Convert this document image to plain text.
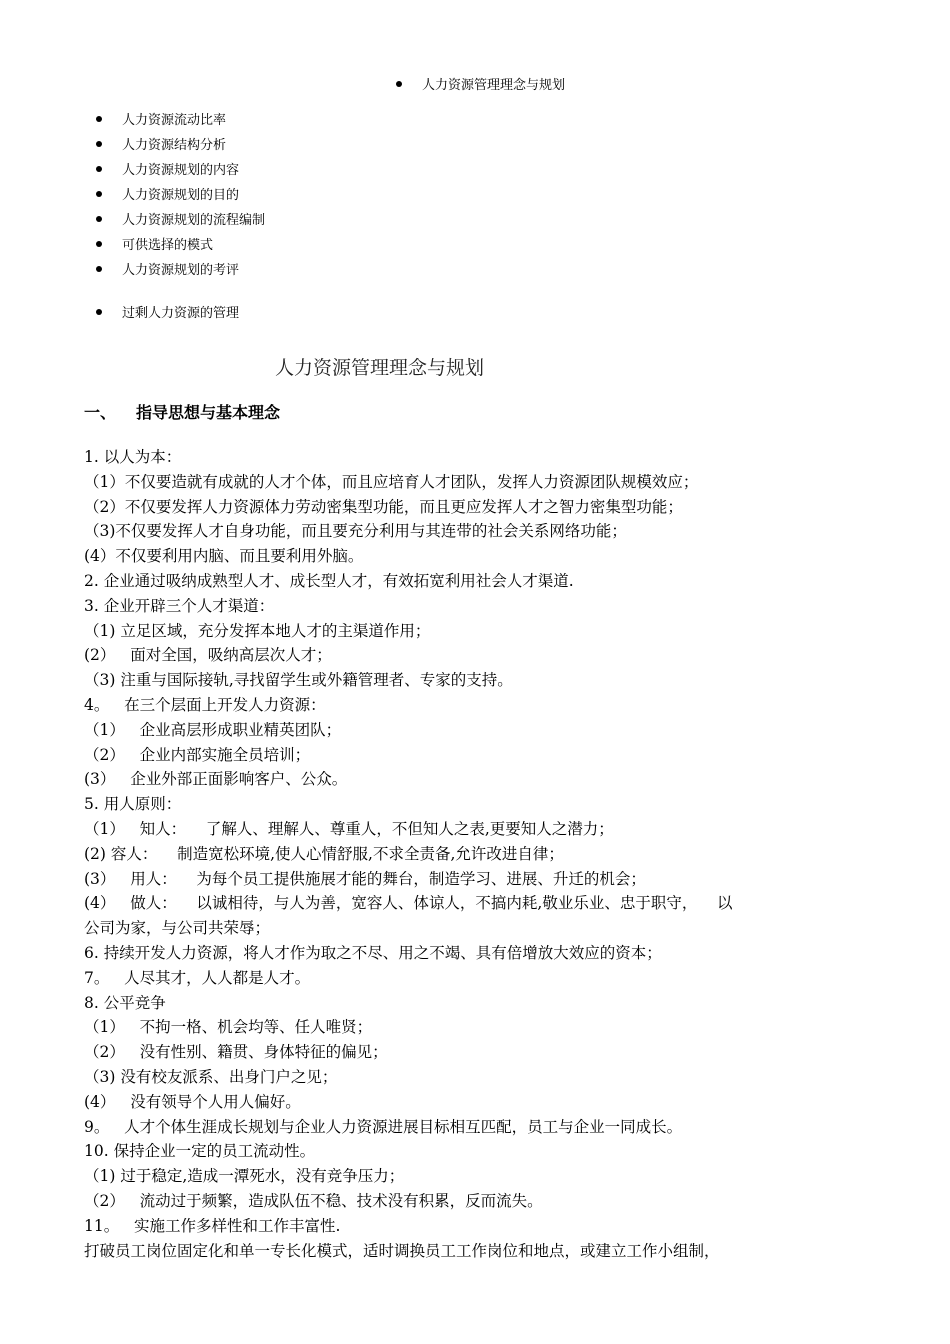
人力资源管理理念与规划
人力资源流动比率
人力资源结构分析
人力资源规划的内容
人力资源规划的目的
人力资源规划的流程编制
可供选择的模式
人力资源规划的考评
过剩人力资源的管理
人力资源管理理念与规划
一、 指导思想与基本理念
1. 以人为本：
（1）不仅要造就有成就的人才个体，而且应培育人才团队，发挥人力资源团队规模效应；
（2）不仅要发挥人力资源体力劳动密集型功能，而且更应发挥人才之智力密集型功能；
（3)不仅要发挥人才自身功能，而且要充分利用与其连带的社会关系网络功能；
(4）不仅要利用内脑、而且要利用外脑。
2. 企业通过吸纳成熟型人才、成长型人才，有效拓宽利用社会人才渠道.
3. 企业开辟三个人才渠道：
（1) 立足区域，充分发挥本地人才的主渠道作用；
(2）   面对全国，吸纳高层次人才；
（3) 注重与国际接轨,寻找留学生或外籍管理者、专家的支持。
4。   在三个层面上开发人力资源：
（1）   企业高层形成职业精英团队；
（2）   企业内部实施全员培训；
(3）   企业外部正面影响客户、公众。
5. 用人原则：
（1）   知人：    了解人、理解人、尊重人，不但知人之表,更要知人之潜力；
(2) 容人：    制造宽松环境,使人心情舒服,不求全责备,允许改进自律；
(3）   用人：    为每个员工提供施展才能的舞台，制造学习、进展、升迁的机会；
(4）   做人：    以诚相待，与人为善，宽容人、体谅人，不搞内耗,敬业乐业、忠于职守，    以
公司为家，与公司共荣辱；
6. 持续开发人力资源，将人才作为取之不尽、用之不竭、具有倍增放大效应的资本；
7。   人尽其才，人人都是人才。
8. 公平竞争
（1）   不拘一格、机会均等、任人唯贤；
（2）   没有性别、籍贯、身体特征的偏见；
（3) 没有校友派系、出身门户之见；
(4）   没有领导个人用人偏好。
9。   人才个体生涯成长规划与企业人力资源进展目标相互匹配，员工与企业一同成长。
10. 保持企业一定的员工流动性。
（1) 过于稳定,造成一潭死水，没有竞争压力；
（2）   流动过于频繁，造成队伍不稳、技术没有积累，反而流失。
11。   实施工作多样性和工作丰富性.
打破员工岗位固定化和单一专长化模式，适时调换员工工作岗位和地点，或建立工作小组制，
